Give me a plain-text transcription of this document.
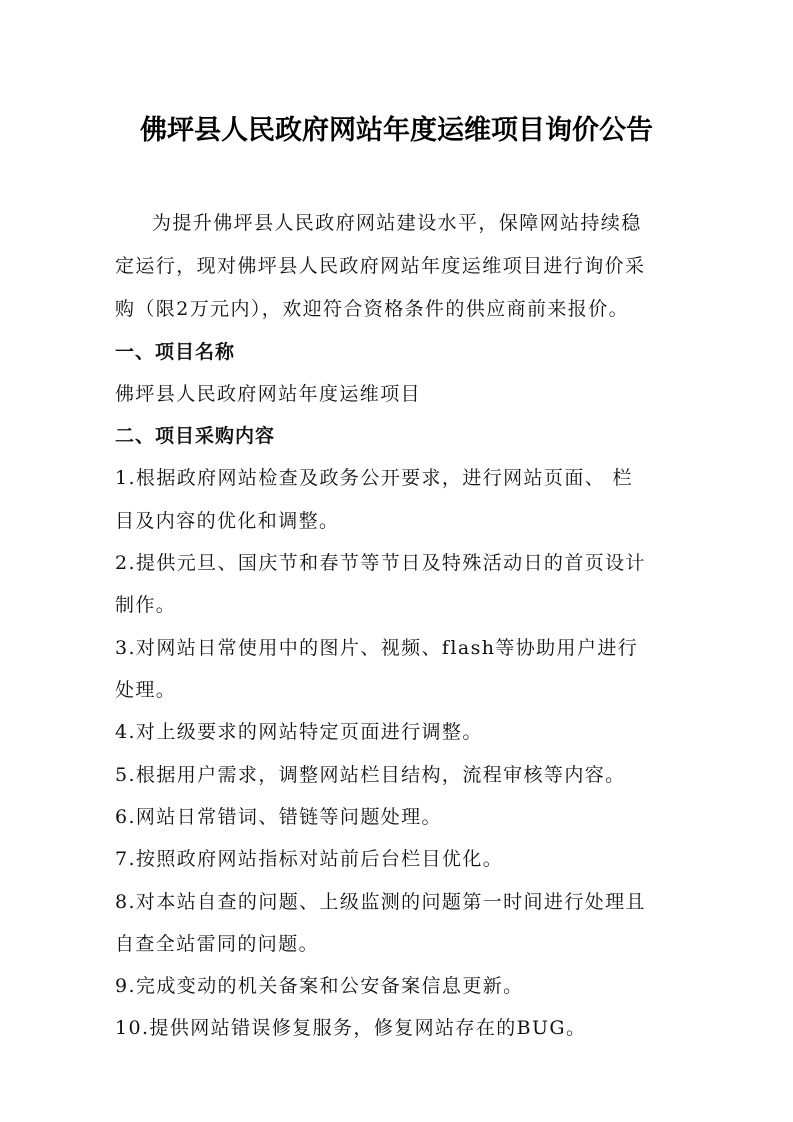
佛坪县人民政府网站年度运维项目询价公告
为提升佛坪县人民政府网站建设水平，保障网站持续稳
定运行，现对佛坪县人民政府网站年度运维项目进行询价采
购（限2万元内），欢迎符合资格条件的供应商前来报价。
一、项目名称
佛坪县人民政府网站年度运维项目
二、项目采购内容
1.根据政府网站检查及政务公开要求，进行网站页面、 栏
目及内容的优化和调整。
2.提供元旦、国庆节和春节等节日及特殊活动日的首页设计
制作。
3.对网站日常使用中的图片、视频、flash等协助用户进行
处理。
4.对上级要求的网站特定页面进行调整。
5.根据用户需求，调整网站栏目结构，流程审核等内容。
6.网站日常错词、错链等问题处理。
7.按照政府网站指标对站前后台栏目优化。
8.对本站自查的问题、上级监测的问题第一时间进行处理且
自查全站雷同的问题。
9.完成变动的机关备案和公安备案信息更新。
10.提供网站错误修复服务，修复网站存在的BUG。
